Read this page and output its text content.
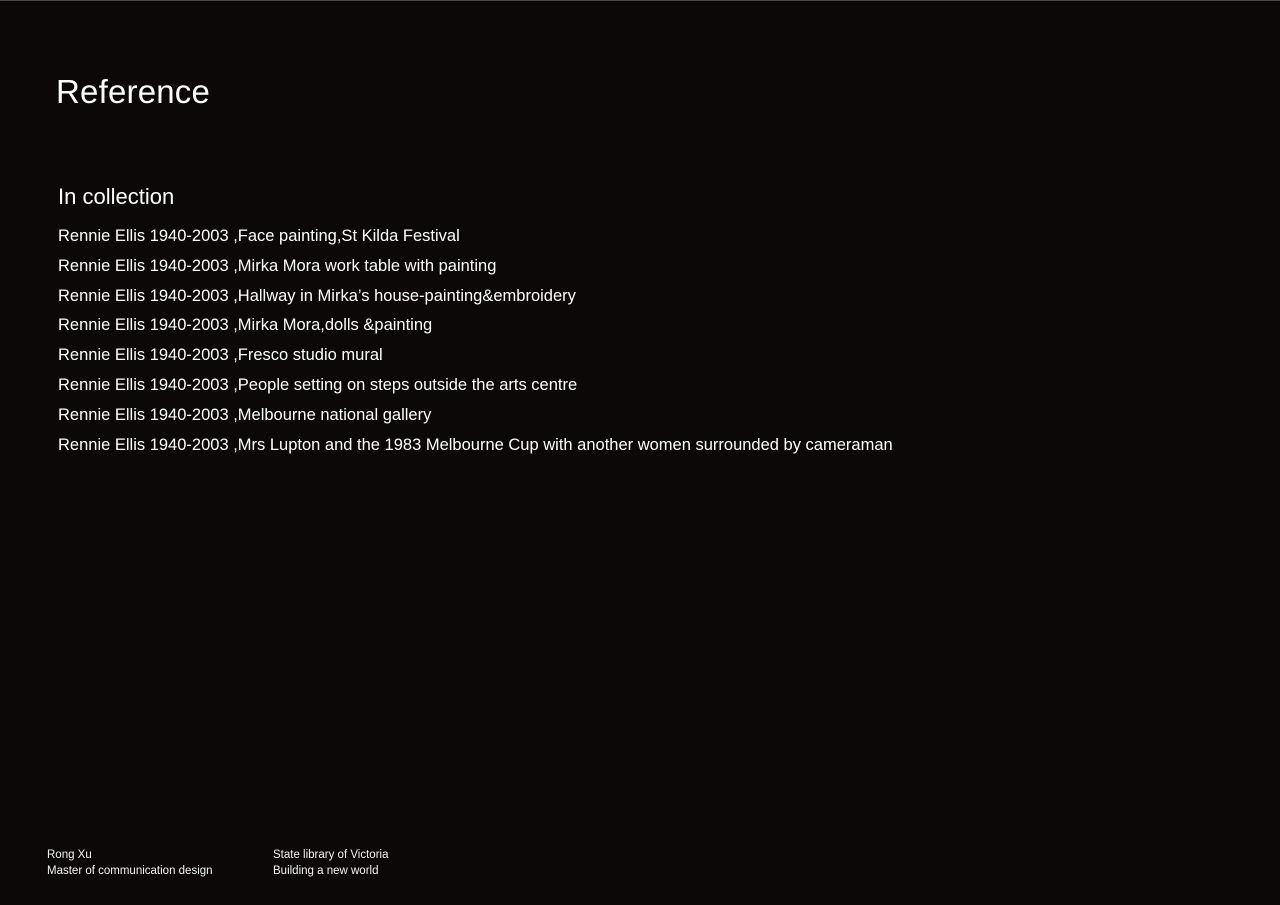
Reference
In collection
Rennie Ellis 1940-2003 ,Face painting,St Kilda Festival
Rennie Ellis 1940-2003 ,Mirka Mora work table with painting
Rennie Ellis 1940-2003 ,Hallway in Mirka’s house-painting&embroidery
Rennie Ellis 1940-2003 ,Mirka Mora,dolls &painting
Rennie Ellis 1940-2003 ,Fresco studio mural
Rennie Ellis 1940-2003 ,People setting on steps outside the arts centre
Rennie Ellis 1940-2003 ,Melbourne national gallery
Rennie Ellis 1940-2003 ,Mrs Lupton and the 1983 Melbourne Cup with another women surrounded by cameraman
Rong Xu
Master of communication design
State library of Victoria
Building a new world
